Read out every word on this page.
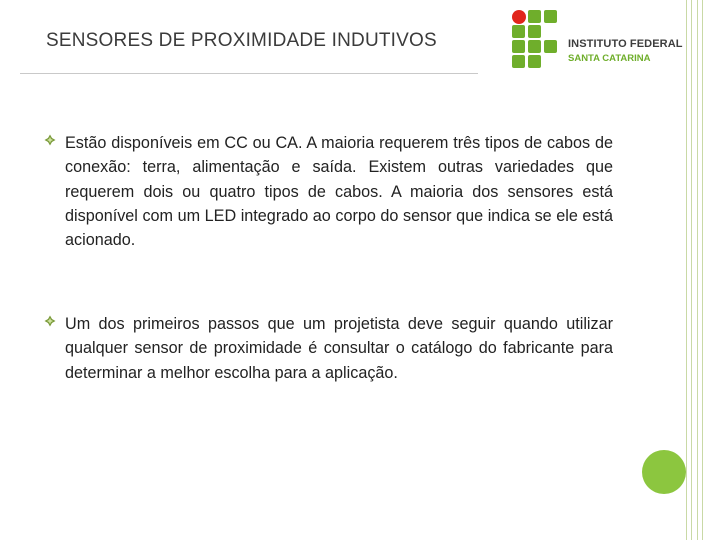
SENSORES DE PROXIMIDADE INDUTIVOS	INSTITUTO FEDERAL
SANTA CATARINA
Estão disponíveis em CC ou CA. A maioria requerem três tipos de cabos de conexão: terra, alimentação e saída. Existem outras variedades que requerem dois ou quatro tipos de cabos. A maioria dos sensores está disponível com um LED integrado ao corpo do sensor que indica se ele está acionado.
Um dos primeiros passos que um projetista deve seguir quando utilizar qualquer sensor de proximidade é consultar o catálogo do fabricante para determinar a melhor escolha para a aplicação.
